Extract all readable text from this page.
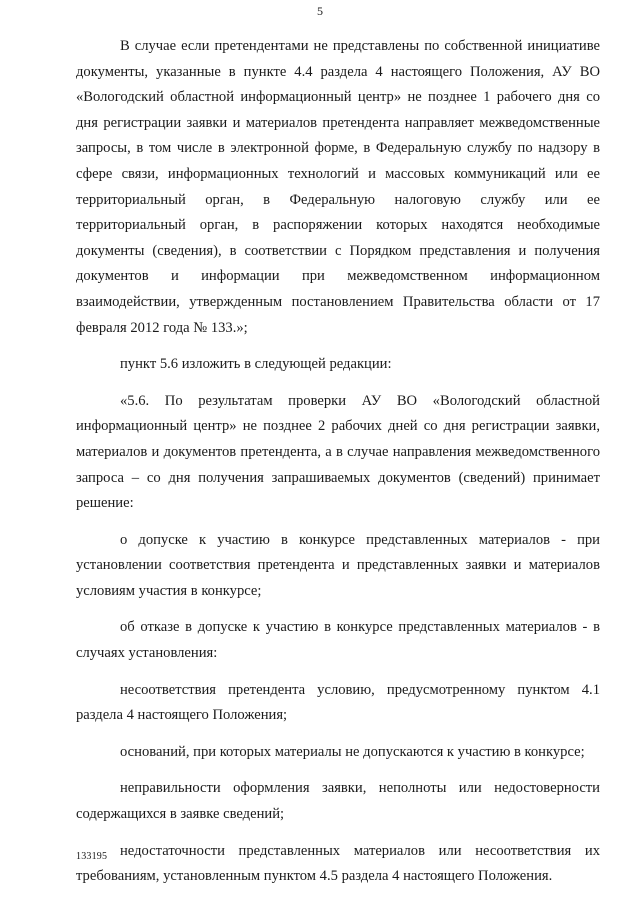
5

В случае если претендентами не представлены по собственной инициативе документы, указанные в пункте 4.4 раздела 4 настоящего Положения, АУ ВО «Вологодский областной информационный центр» не позднее 1 рабочего дня со дня регистрации заявки и материалов претендента направляет межведомственные запросы, в том числе в электронной форме, в Федеральную службу по надзору в сфере связи, информационных технологий и массовых коммуникаций или ее территориальный орган, в Федеральную налоговую службу или ее территориальный орган, в распоряжении которых находятся необходимые документы (сведения), в соответствии с Порядком представления и получения документов и информации при межведомственном информационном взаимодействии, утвержденным постановлением Правительства области от 17 февраля 2012 года № 133.»;

пункт 5.6 изложить в следующей редакции:

«5.6. По результатам проверки АУ ВО «Вологодский областной информационный центр» не позднее 2 рабочих дней со дня регистрации заявки, материалов и документов претендента, а в случае направления межведомственного запроса – со дня получения запрашиваемых документов (сведений) принимает решение:

о допуске к участию в конкурсе представленных материалов - при установлении соответствия претендента и представленных заявки и материалов условиям участия в конкурсе;

об отказе в допуске к участию в конкурсе представленных материалов - в случаях установления:

несоответствия претендента условию, предусмотренному пунктом 4.1 раздела 4 настоящего Положения;

оснований, при которых материалы не допускаются к участию в конкурсе;

неправильности оформления заявки, неполноты или недостоверности содержащихся в заявке сведений;

недостаточности представленных материалов или несоответствия их требованиям, установленным пунктом 4.5 раздела 4 настоящего Положения.

133195
